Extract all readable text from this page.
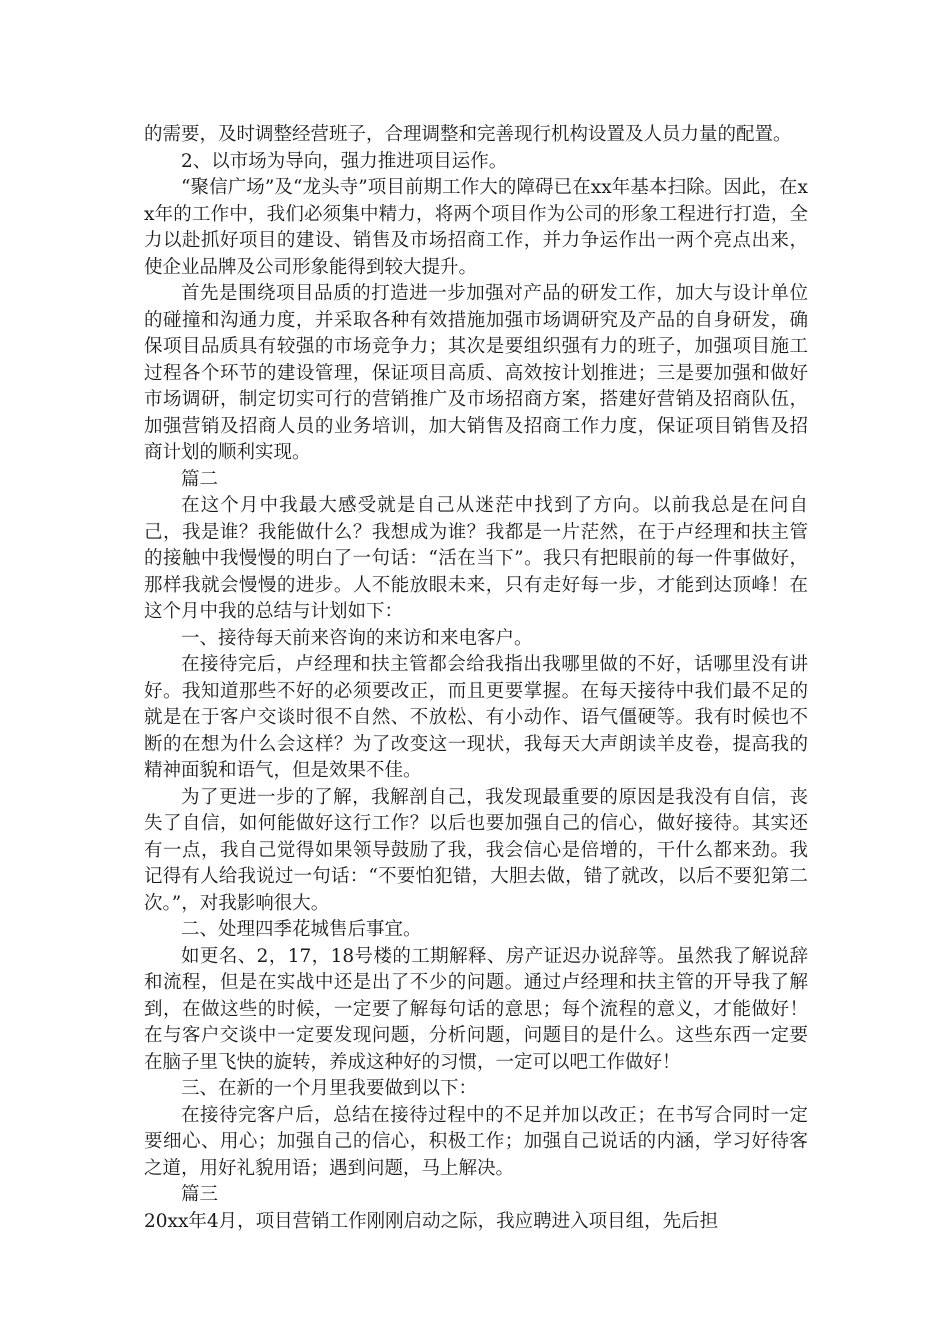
的需要，及时调整经营班子，合理调整和完善现行机构设置及人员力量的配置。

2、以市场为导向，强力推进项目运作。

“聚信广场”及“龙头寺”项目前期工作大的障碍已在xx年基本扫除。因此，在xx年的工作中，我们必须集中精力，将两个项目作为公司的形象工程进行打造，全力以赴抓好项目的建设、销售及市场招商工作，并力争运作出一两个亮点出来，使企业品牌及公司形象能得到较大提升。

首先是围绕项目品质的打造进一步加强对产品的研发工作，加大与设计单位的碰撞和沟通力度，并采取各种有效措施加强市场调研究及产品的自身研发，确保项目品质具有较强的市场竞争力；其次是要组织强有力的班子，加强项目施工过程各个环节的建设管理，保证项目高质、高效按计划推进；三是要加强和做好市场调研，制定切实可行的营销推广及市场招商方案，搭建好营销及招商队伍，加强营销及招商人员的业务培训，加大销售及招商工作力度，保证项目销售及招商计划的顺利实现。

篇二

在这个月中我最大感受就是自己从迷茫中找到了方向。以前我总是在问自己，我是谁？我能做什么？我想成为谁？我都是一片茫然，在于卢经理和扶主管的接触中我慢慢的明白了一句话：“活在当下”。我只有把眼前的每一件事做好，那样我就会慢慢的进步。人不能放眼未来，只有走好每一步，才能到达顶峰！在这个月中我的总结与计划如下：

一、接待每天前来咨询的来访和来电客户。

在接待完后，卢经理和扶主管都会给我指出我哪里做的不好，话哪里没有讲好。我知道那些不好的必须要改正，而且更要掌握。在每天接待中我们最不足的就是在于客户交谈时很不自然、不放松、有小动作、语气僵硬等。我有时候也不断的在想为什么会这样？为了改变这一现状，我每天大声朗读羊皮卷，提高我的精神面貌和语气，但是效果不佳。

为了更进一步的了解，我解剖自己，我发现最重要的原因是我没有自信，丧失了自信，如何能做好这行工作？以后也要加强自己的信心，做好接待。其实还有一点，我自己觉得如果领导鼓励了我，我会信心是倍增的，干什么都来劲。我记得有人给我说过一句话：“不要怕犯错，大胆去做，错了就改，以后不要犯第二次。”，对我影响很大。

二、处理四季花城售后事宜。

如更名、2，17，18号楼的工期解释、房产证迟办说辞等。虽然我了解说辞和流程，但是在实战中还是出了不少的问题。通过卢经理和扶主管的开导我了解到，在做这些的时候，一定要了解每句话的意思；每个流程的意义，才能做好！在与客户交谈中一定要发现问题，分析问题，问题目的是什么。这些东西一定要在脑子里飞快的旋转，养成这种好的习惯，一定可以吧工作做好！

三、在新的一个月里我要做到以下：

在接待完客户后，总结在接待过程中的不足并加以改正；在书写合同时一定要细心、用心；加强自己的信心，积极工作；加强自己说话的内涵，学习好待客之道，用好礼貌用语；遇到问题，马上解决。

篇三

20xx年4月，项目营销工作刚刚启动之际，我应聘进入项目组，先后担
